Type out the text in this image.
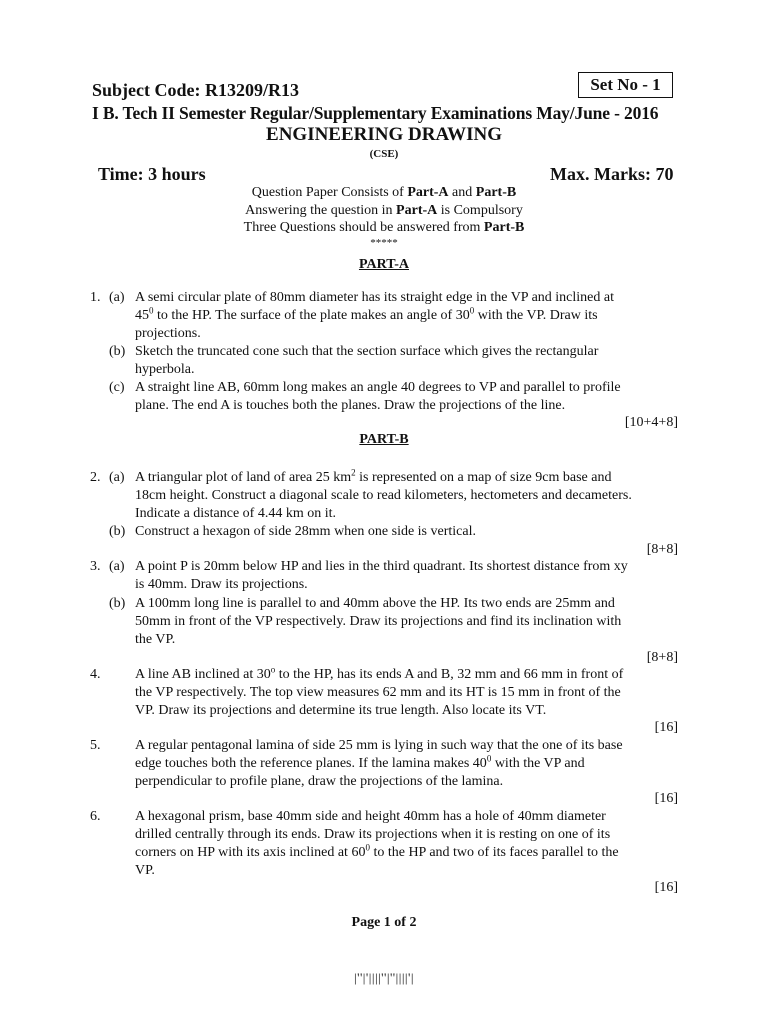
Subject Code: R13209/R13	Set No - 1
I B. Tech II Semester Regular/Supplementary Examinations May/June - 2016
ENGINEERING DRAWING
(CSE)
Time: 3 hours	Max. Marks: 70
Question Paper Consists of Part-A and Part-B
Answering the question in Part-A is Compulsory
Three Questions should be answered from Part-B
*****
PART-A
1. (a) A semi circular plate of 80mm diameter has its straight edge in the VP and inclined at
$45^0$ to the HP. The surface of the plate makes an angle of $30^0$ with the VP. Draw its
projections.
(b) Sketch the truncated cone such that the section surface which gives the rectangular
hyperbola.
(c) A straight line AB, 60mm long makes an angle 40 degrees to VP and parallel to profile
plane. The end A is touches both the planes. Draw the projections of the line.
[10+4+8]
PART-B
2. (a) A triangular plot of land of area 25 $km^2$ is represented on a map of size 9cm base and
18cm height. Construct a diagonal scale to read kilometers, hectometers and decameters.
Indicate a distance of 4.44 km on it.
(b) Construct a hexagon of side 28mm when one side is vertical.
[8+8]
3. (a) A point P is 20mm below HP and lies in the third quadrant. Its shortest distance from xy
is 40mm. Draw its projections.
(b) A 100mm long line is parallel to and 40mm above the HP. Its two ends are 25mm and
50mm in front of the VP respectively. Draw its projections and find its inclination with
the VP.
[8+8]
4. A line AB inclined at 30$^o$ to the HP, has its ends A and B, 32 mm and 66 mm in front of
the VP respectively. The top view measures 62 mm and its HT is 15 mm in front of the
VP. Draw its projections and determine its true length. Also locate its VT.
[16]
5. A regular pentagonal lamina of side 25 mm is lying in such way that the one of its base
edge touches both the reference planes. If the lamina makes $40^0$ with the VP and
perpendicular to profile plane, draw the projections of the lamina.
[16]
6. A hexagonal prism, base 40mm side and height 40mm has a hole of 40mm diameter
drilled centrally through its ends. Draw its projections when it is resting on one of its
corners on HP with its axis inclined at $60^0$ to the HP and two of its faces parallel to the
VP.
[16]
Page 1 of 2
|''|'||||''|''||||'|
